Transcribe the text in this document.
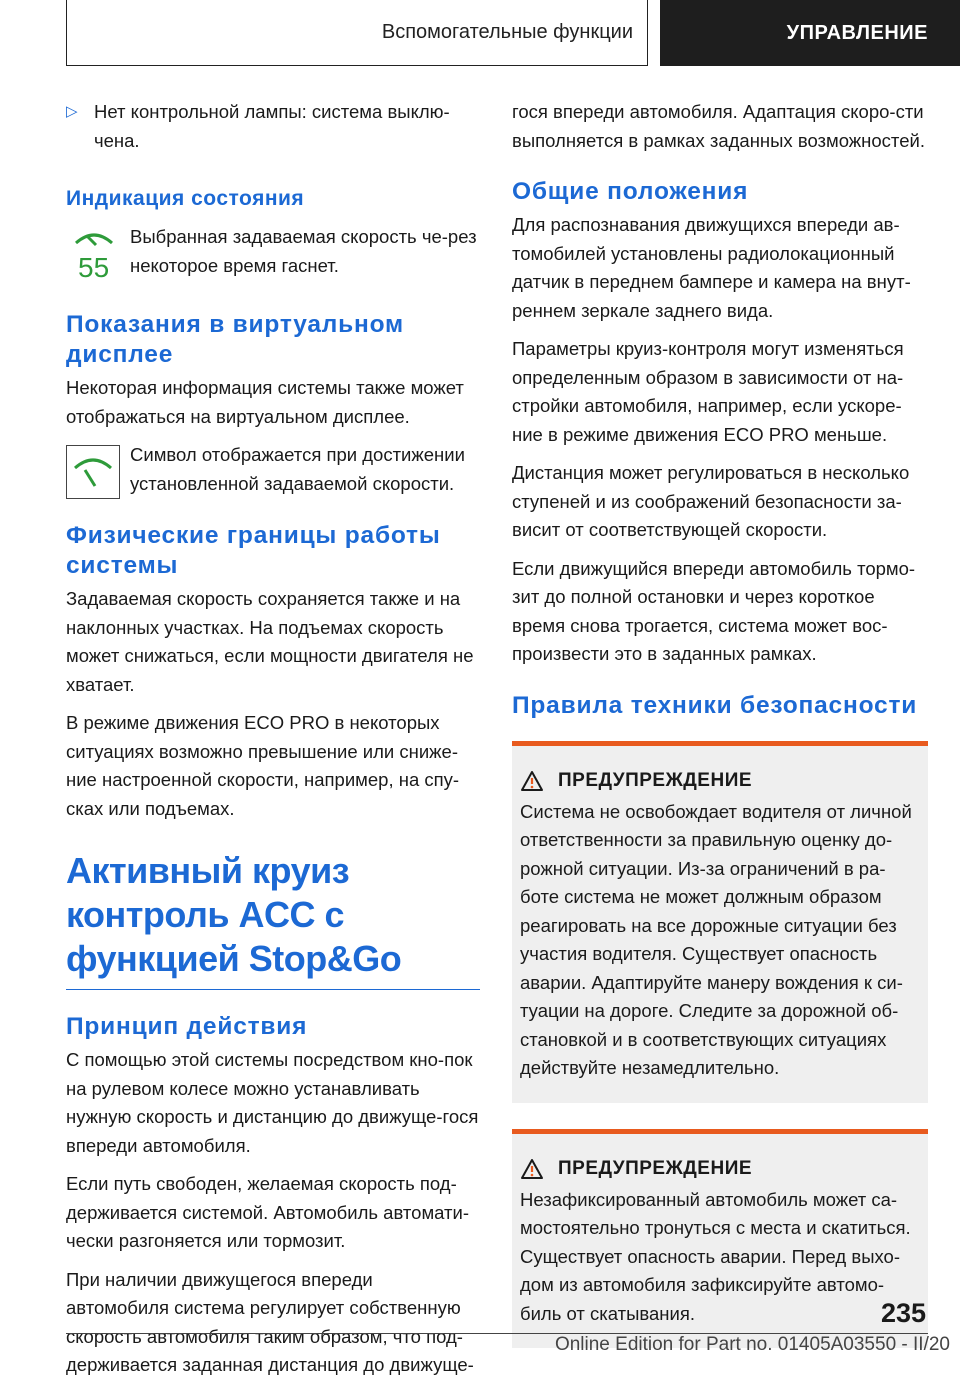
Вспомогательные функции	УПРАВЛЕНИЕ
▷ Нет контрольной лампы: система выклю-чена.

Индикация состояния
55

Выбранная задаваемая скорость че-рез некоторое время гаснет.

Показания в виртуальном дисплее

Некоторая информация системы также может отображаться на виртуальном дисплее.

Символ отображается при достижении установленной задаваемой скорости.

Физические границы работы системы

Задаваемая скорость сохраняется также и на наклонных участках. На подъемах скорость может снижаться, если мощности двигателя не хватает.

В режиме движения ECO PRO в некоторых ситуациях возможно превышение или сниже-ние настроенной скорости, например, на спу-сках или подъемах.

Активный круиз контроль ACC с функцией Stop&Go
Принцип действия

С помощью этой системы посредством кно-пок на рулевом колесе можно устанавливать нужную скорость и дистанцию до движуще-гося впереди автомобиля.

Если путь свободен, желаемая скорость под-держивается системой. Автомобиль автомати-чески разгоняется или тормозит.

При наличии движущегося впереди автомобиля система регулирует собственную скорость автомобиля таким образом, что под-держивается заданная дистанция до движуще-

гося впереди автомобиля. Адаптация скоро-сти выполняется в рамках заданных возможностей.

Общие положения

Для распознавания движущихся впереди ав-томобилей установлены радиолокационный датчик в переднем бампере и камера на внут-реннем зеркале заднего вида.

Параметры круиз-контроля могут изменяться определенным образом в зависимости от на-стройки автомобиля, например, если ускоре-ние в режиме движения ECO PRO меньше.

Дистанция может регулироваться в несколько ступеней и из соображений безопасности за-висит от соответствующей скорости.

Если движущийся впереди автомобиль тормо-зит до полной остановки и через короткое время снова трогается, система может вос-произвести это в заданных рамках.

Правила техники безопасности
ПРЕДУПРЕЖДЕНИЕ

Система не освобождает водителя от личной ответственности за правильную оценку до-рожной ситуации. Из-за ограничений в ра-боте система не может должным образом реагировать на все дорожные ситуации без участия водителя. Существует опасность аварии. Адаптируйте манеру вождения к си-туации на дороге. Следите за дорожной об-становкой и в соответствующих ситуациях действуйте незамедлительно.

ПРЕДУПРЕЖДЕНИЕ

Незафиксированный автомобиль может са-мостоятельно тронуться с места и скатиться. Существует опасность аварии. Перед выхо-дом из автомобиля зафиксируйте автомо-биль от скатывания.	235
Online Edition for Part no. 01405A03550 - II/20
